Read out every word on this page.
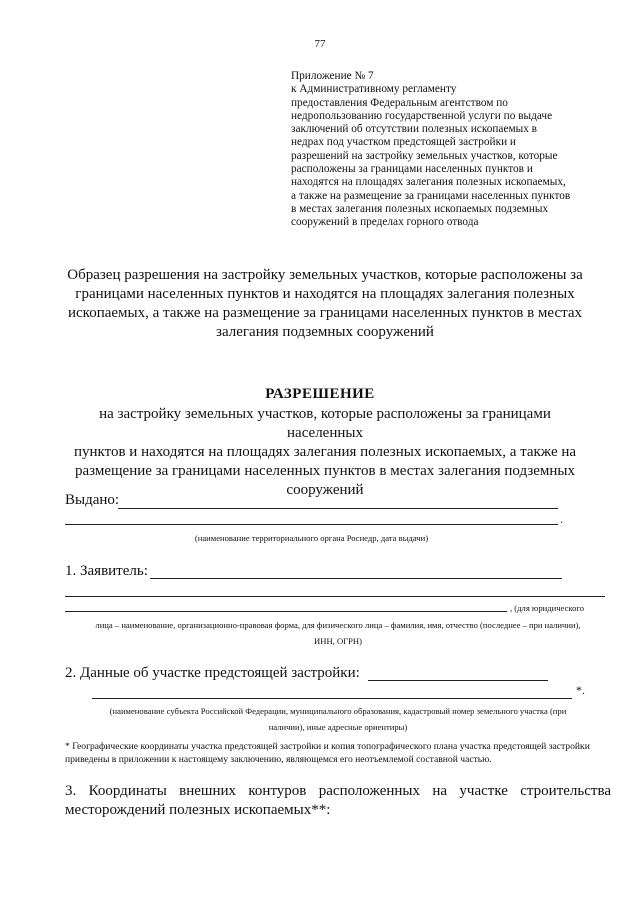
77
Приложение № 7
к Административному регламенту
предоставления Федеральным агентством по
недропользованию государственной услуги по выдаче
заключений об отсутствии полезных ископаемых в
недрах под участком предстоящей застройки и
разрешений на застройку земельных участков, которые
расположены за границами населенных пунктов и
находятся на площадях залегания полезных ископаемых,
а также на размещение за границами населенных пунктов
в местах залегания полезных ископаемых подземных
сооружений в пределах горного отвода
Образец разрешения на застройку земельных участков, которые расположены за
границами населенных пунктов и находятся на площадях залегания полезных
ископаемых, а также на размещение за границами населенных пунктов в местах
залегания подземных сооружений
РАЗРЕШЕНИЕ
на застройку земельных участков, которые расположены за границами населенных
пунктов и находятся на площадях залегания полезных ископаемых, а также на
размещение за границами населенных пунктов в местах залегания подземных
сооружений
Выдано:
.
(наименование территориального органа Роснедр, дата выдачи)
1. Заявитель:
, (для юридического
лица – наименование, организационно-правовая форма, для физического лица – фамилия, имя, отчество (последнее – при наличии),
ИНН, ОГРН)
2. Данные об участке предстоящей застройки:
*.
(наименование субъекта Российской Федерации, муниципального образования, кадастровый номер земельного участка (при
наличии), иные адресные ориентиры)
* Географические координаты участка предстоящей застройки и копия топографического плана участка предстоящей застройки приведены в приложении к настоящему заключению, являющемся его неотъемлемой составной частью.
3. Координаты внешних контуров расположенных на участке строительства месторождений полезных ископаемых**:
